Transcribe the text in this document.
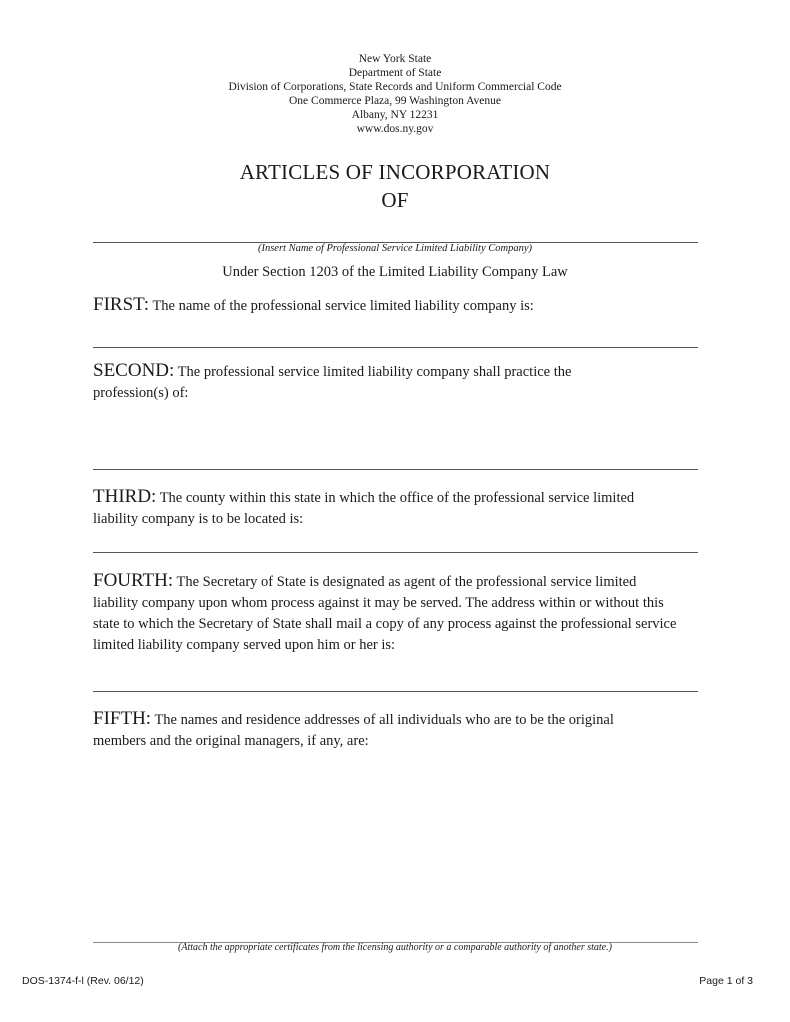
New York State
Department of State
Division of Corporations, State Records and Uniform Commercial Code
One Commerce Plaza, 99 Washington Avenue
Albany, NY 12231
www.dos.ny.gov
ARTICLES OF INCORPORATION
OF
(Insert Name of Professional Service Limited Liability Company)
Under Section 1203 of the Limited Liability Company Law
FIRST: The name of the professional service limited liability company is:
SECOND: The professional service limited liability company shall practice the profession(s) of:
THIRD: The county within this state in which the office of the professional service limited liability company is to be located is:
FOURTH: The Secretary of State is designated as agent of the professional service limited liability company upon whom process against it may be served. The address within or without this state to which the Secretary of State shall mail a copy of any process against the professional service limited liability company served upon him or her is:
FIFTH: The names and residence addresses of all individuals who are to be the original members and the original managers, if any, are:
(Attach the appropriate certificates from the licensing authority or a comparable authority of another state.)
DOS-1374-f-l (Rev. 06/12)	Page 1 of 3
